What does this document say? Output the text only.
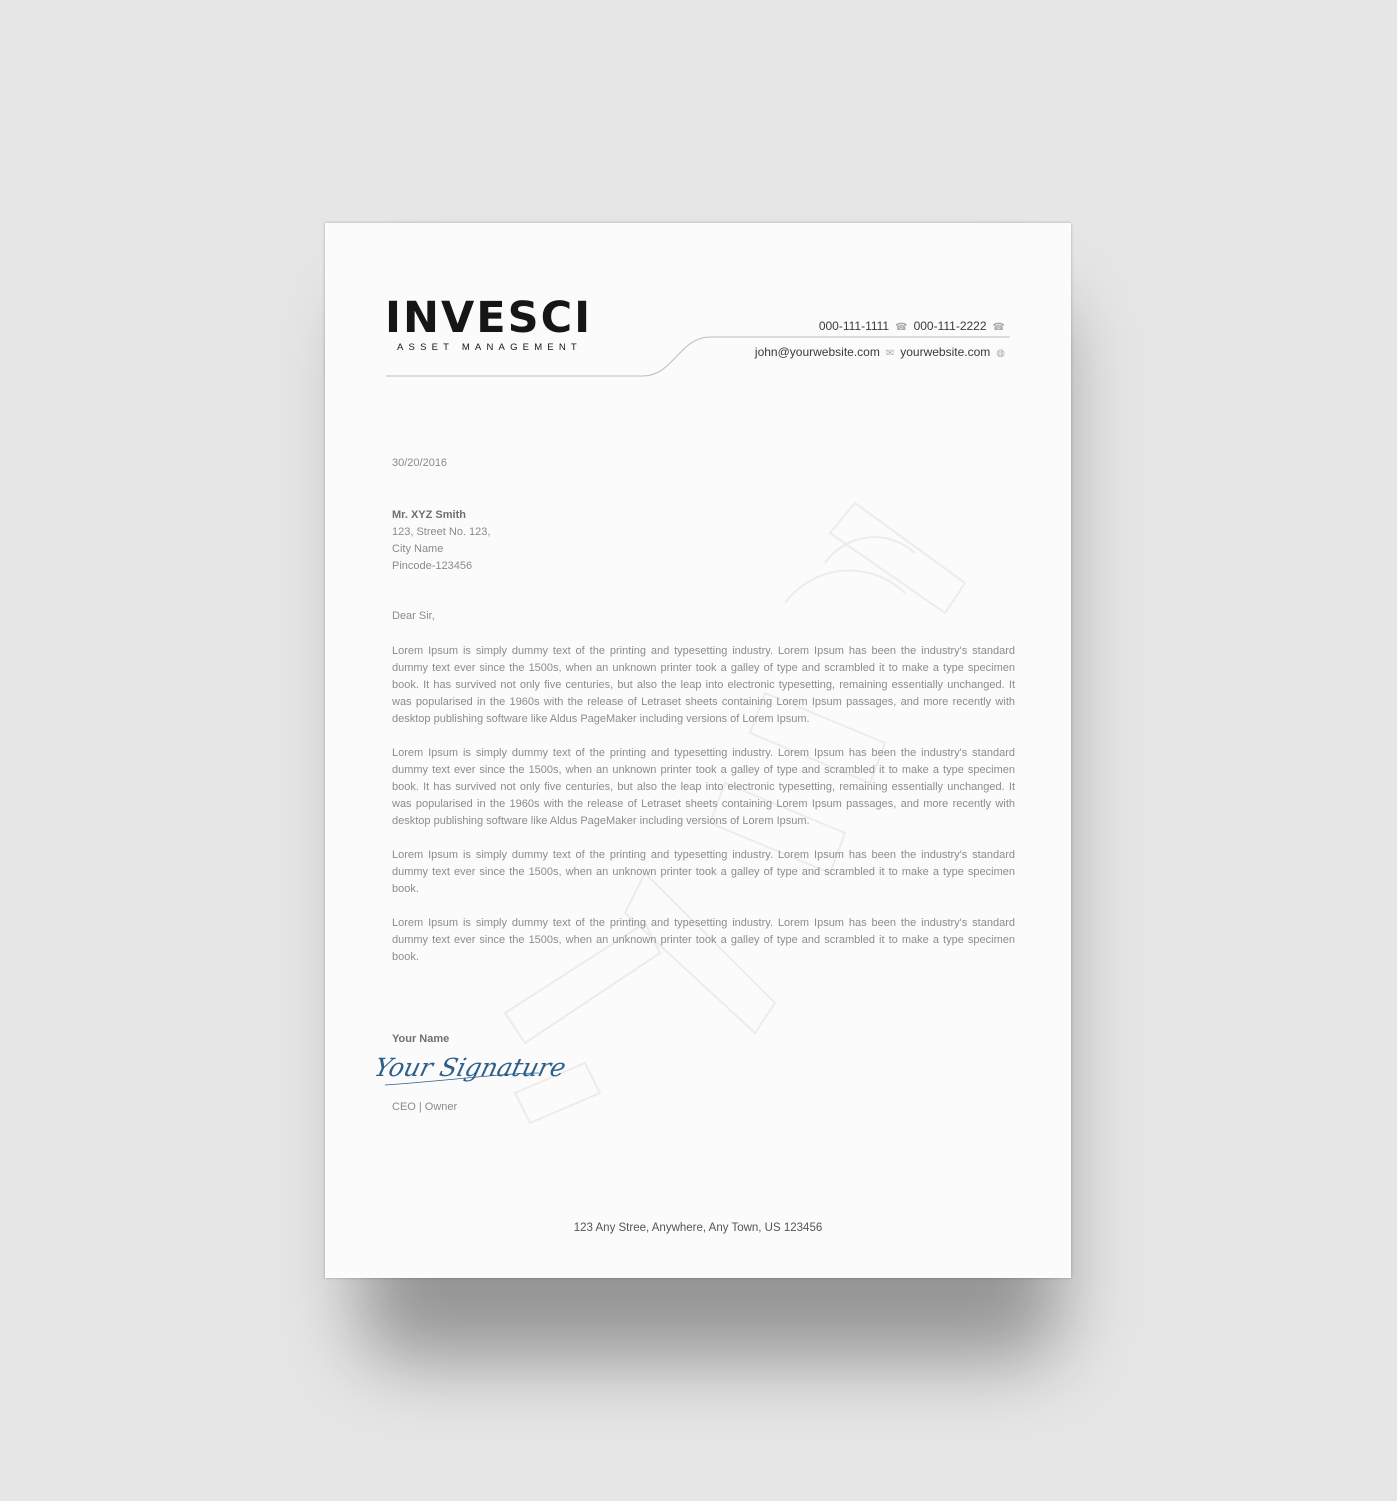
INVESCI
ASSET MANAGEMENT
000-111-1111 ☎ 000-111-2222 ☎
john@yourwebsite.com ✉ yourwebsite.com ◍
30/20/2016
Mr. XYZ Smith
123, Street No. 123,
City Name
Pincode-123456
Dear Sir,

Lorem Ipsum is simply dummy text of the printing and typesetting industry. Lorem Ipsum has been the industry's standard dummy text ever since the 1500s, when an unknown printer took a galley of type and scrambled it to make a type specimen book. It has survived not only five centuries, but also the leap into electronic typesetting, remaining essentially unchanged. It was popularised in the 1960s with the release of Letraset sheets containing Lorem Ipsum passages, and more recently with desktop publishing software like Aldus PageMaker including versions of Lorem Ipsum.

Lorem Ipsum is simply dummy text of the printing and typesetting industry. Lorem Ipsum has been the industry's standard dummy text ever since the 1500s, when an unknown printer took a galley of type and scrambled it to make a type specimen book. It has survived not only five centuries, but also the leap into electronic typesetting, remaining essentially unchanged. It was popularised in the 1960s with the release of Letraset sheets containing Lorem Ipsum passages, and more recently with desktop publishing software like Aldus PageMaker including versions of Lorem Ipsum.

Lorem Ipsum is simply dummy text of the printing and typesetting industry. Lorem Ipsum has been the industry's standard dummy text ever since the 1500s, when an unknown printer took a galley of type and scrambled it to make a type specimen book.

Lorem Ipsum is simply dummy text of the printing and typesetting industry. Lorem Ipsum has been the industry's standard dummy text ever since the 1500s, when an unknown printer took a galley of type and scrambled it to make a type specimen book.

Your Name
Your Signature
CEO | Owner
123 Any Stree, Anywhere, Any Town, US 123456
